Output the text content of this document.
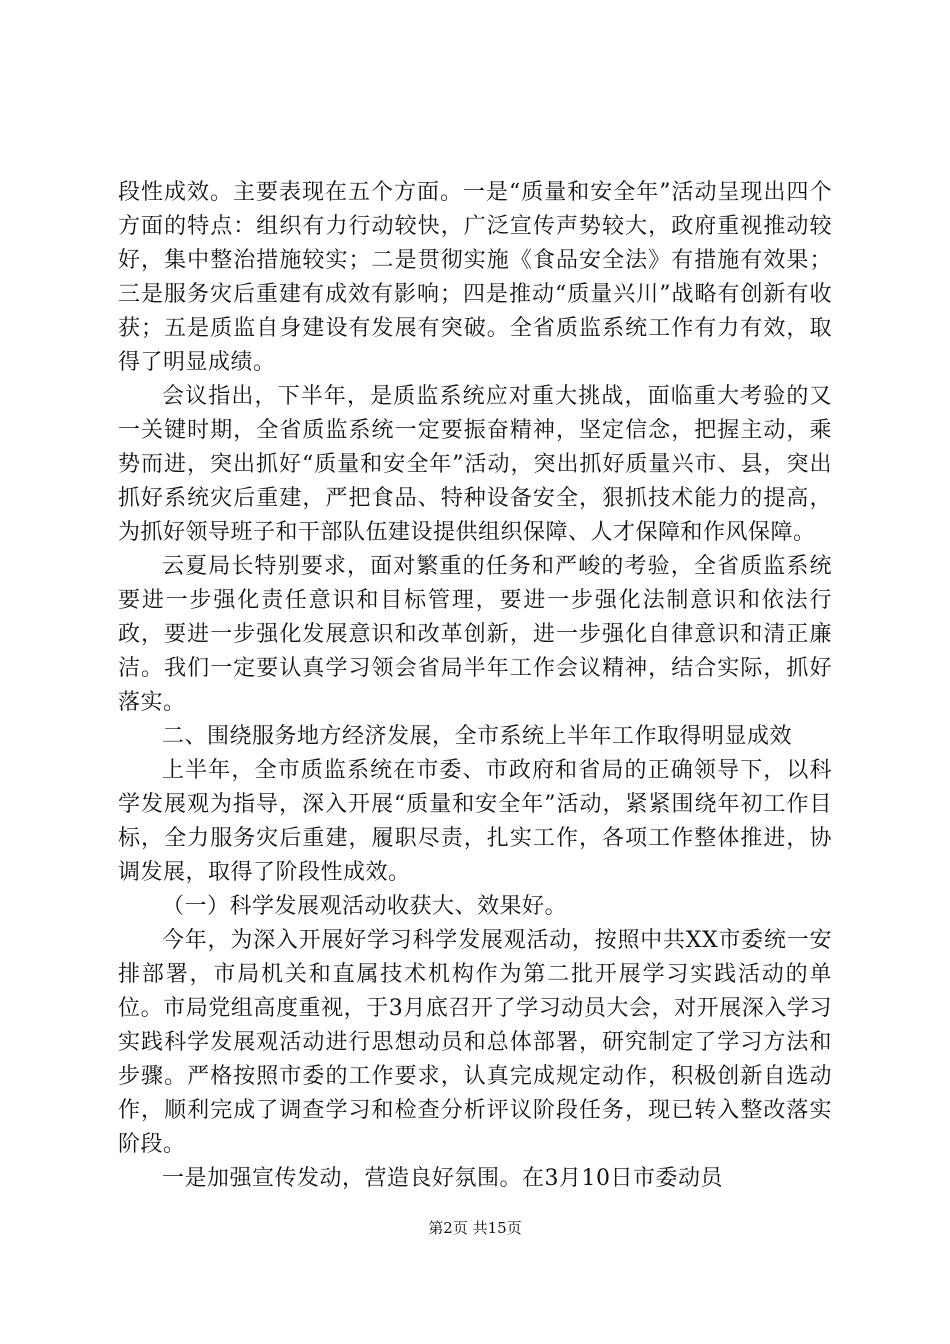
段性成效。主要表现在五个方面。一是“质量和安全年”活动呈现出四个方面的特点：组织有力行动较快，广泛宣传声势较大，政府重视推动较好，集中整治措施较实；二是贯彻实施《食品安全法》有措施有效果；三是服务灾后重建有成效有影响；四是推动“质量兴川”战略有创新有收获；五是质监自身建设有发展有突破。全省质监系统工作有力有效，取得了明显成绩。

会议指出，下半年，是质监系统应对重大挑战，面临重大考验的又一关键时期，全省质监系统一定要振奋精神，坚定信念，把握主动，乘势而进，突出抓好“质量和安全年”活动，突出抓好质量兴市、县，突出抓好系统灾后重建，严把食品、特种设备安全，狠抓技术能力的提高，为抓好领导班子和干部队伍建设提供组织保障、人才保障和作风保障。

云夏局长特别要求，面对繁重的任务和严峻的考验，全省质监系统要进一步强化责任意识和目标管理，要进一步强化法制意识和依法行政，要进一步强化发展意识和改革创新，进一步强化自律意识和清正廉洁。我们一定要认真学习领会省局半年工作会议精神，结合实际，抓好落实。

二、围绕服务地方经济发展，全市系统上半年工作取得明显成效

上半年，全市质监系统在市委、市政府和省局的正确领导下，以科学发展观为指导，深入开展“质量和安全年”活动，紧紧围绕年初工作目标，全力服务灾后重建，履职尽责，扎实工作，各项工作整体推进，协调发展，取得了阶段性成效。

（一）科学发展观活动收获大、效果好。

今年，为深入开展好学习科学发展观活动，按照中共XX市委统一安排部署，市局机关和直属技术机构作为第二批开展学习实践活动的单位。市局党组高度重视，于3月底召开了学习动员大会，对开展深入学习实践科学发展观活动进行思想动员和总体部署，研究制定了学习方法和步骤。严格按照市委的工作要求，认真完成规定动作，积极创新自选动作，顺利完成了调查学习和检查分析评议阶段任务，现已转入整改落实阶段。

一是加强宣传发动，营造良好氛围。在3月10日市委动员

第2页 共15页
